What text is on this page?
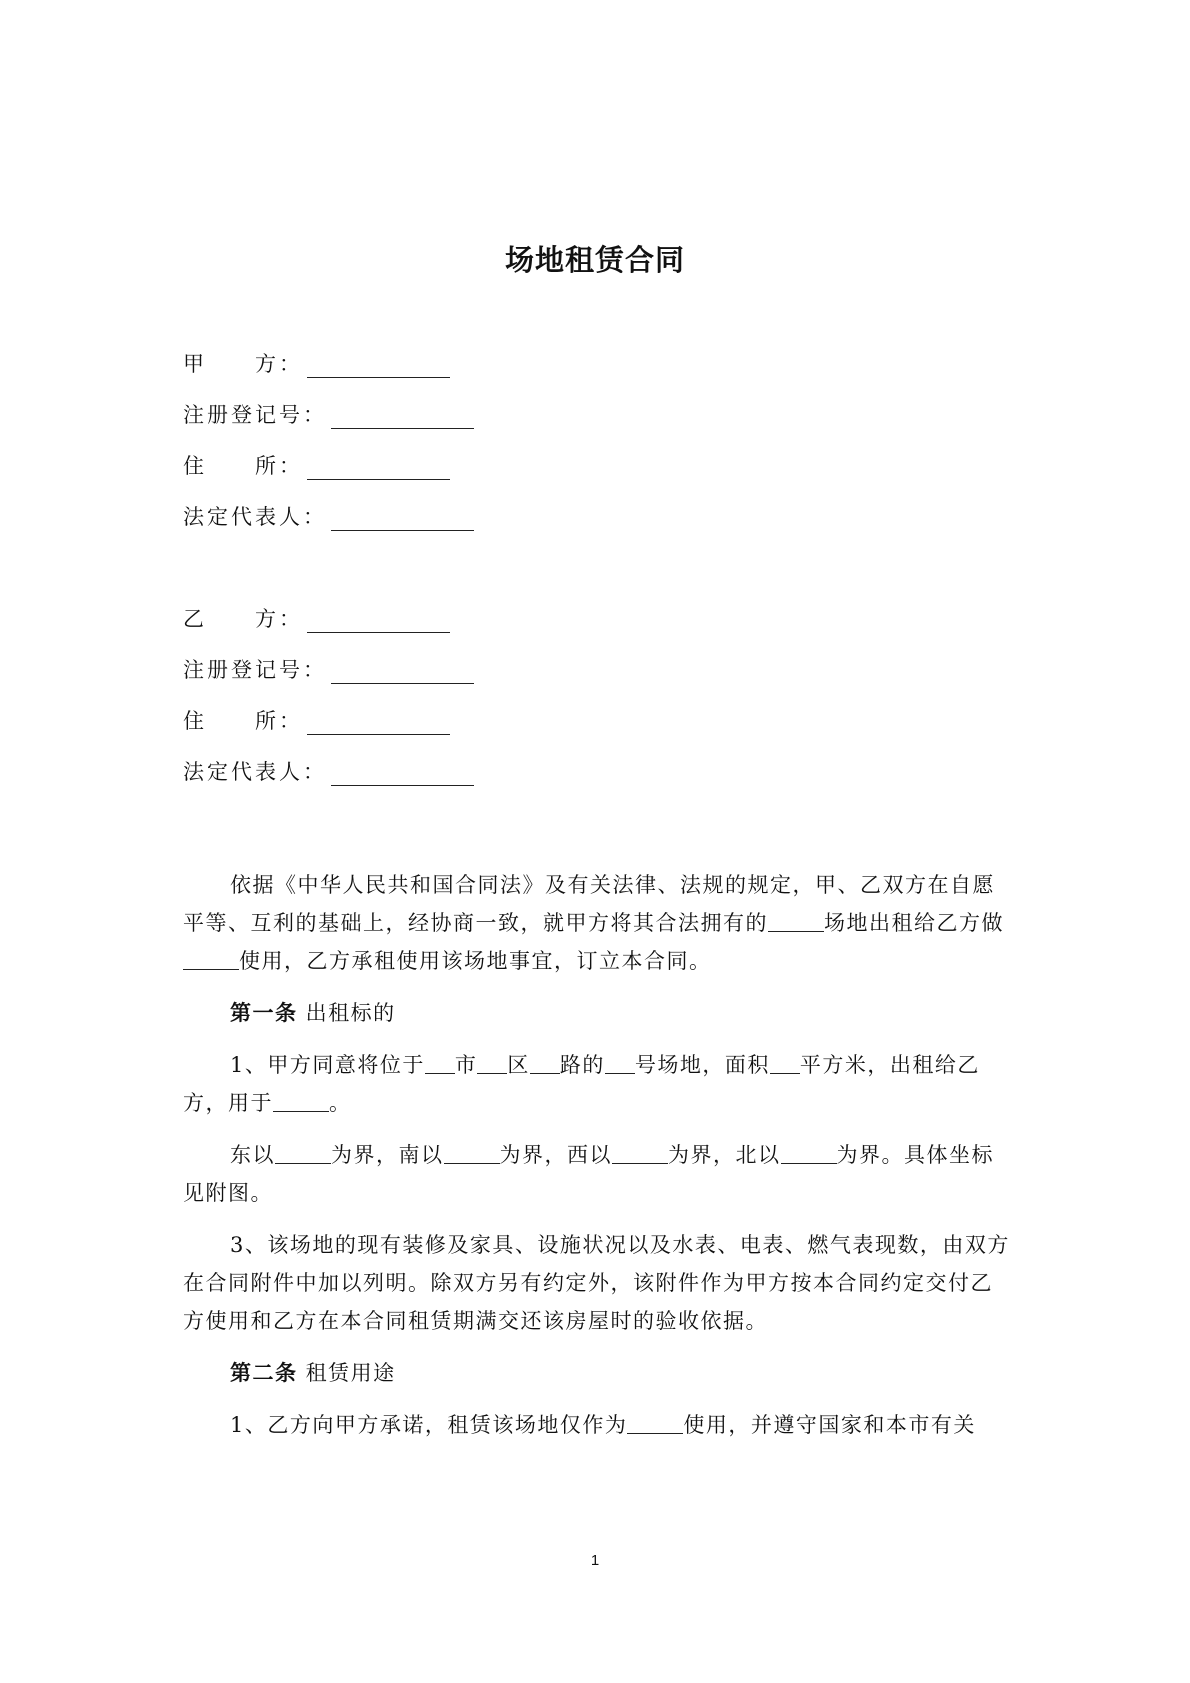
场地租赁合同
甲　　方：
注册登记号：
住　　所：
法定代表人：
乙　　方：
注册登记号：
住　　所：
法定代表人：

依据《中华人民共和国合同法》及有关法律、法规的规定，甲、乙双方在自愿平等、互利的基础上，经协商一致，就甲方将其合法拥有的	场地出租给乙方做使用，乙方承租使用该场地事宜，订立本合同。

第一条 出租标的

1、甲方同意将位于 市 区 路的 号场地，面积 平方米，出租给乙方，用于	。

东以	为界，南以	为界，西以	为界，北以	为界。具体坐标见附图。

3、该场地的现有装修及家具、设施状况以及水表、电表、燃气表现数，由双方在合同附件中加以列明。除双方另有约定外，该附件作为甲方按本合同约定交付乙方使用和乙方在本合同租赁期满交还该房屋时的验收依据。

第二条 租赁用途

1、乙方向甲方承诺，租赁该场地仅作为	使用，并遵守国家和本市有关

1
